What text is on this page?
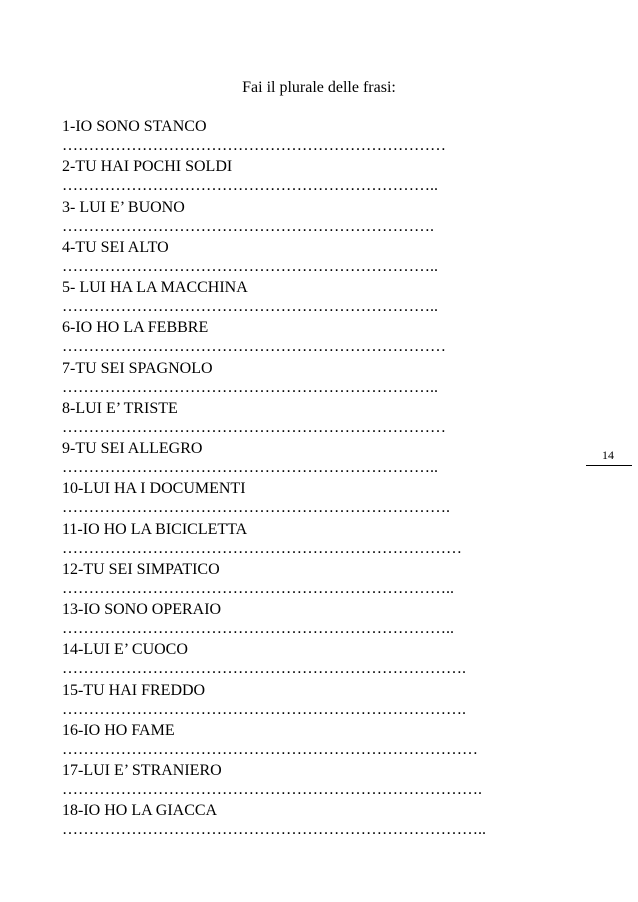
Fai il plurale delle frasi:
1-IO SONO STANCO
………………………………………………………………
2-TU HAI POCHI SOLDI
……………………………………………………………..
3- LUI E’ BUONO
…………………………………………………………….
4-TU SEI ALTO
……………………………………………………………..
5- LUI HA LA MACCHINA
……………………………………………………………..
6-IO HO LA FEBBRE
………………………………………………………………
7-TU SEI SPAGNOLO
……………………………………………………………..
8-LUI E’ TRISTE
………………………………………………………………
9-TU SEI ALLEGRO
……………………………………………………………..
10-LUI HA I DOCUMENTI
……………………………………………………………….
11-IO HO LA BICICLETTA
…………………………………………………………………
12-TU SEI SIMPATICO
………………………………………………………………..
13-IO SONO OPERAIO
………………………………………………………………..
14-LUI E’ CUOCO
………………………………………………………………….
15-TU HAI FREDDO
………………………………………………………………….
16-IO HO FAME
……………………………………………………………………
17-LUI E’ STRANIERO
…………………………………………………………………….
18-IO HO LA GIACCA
……………………………………………………………………..
14
